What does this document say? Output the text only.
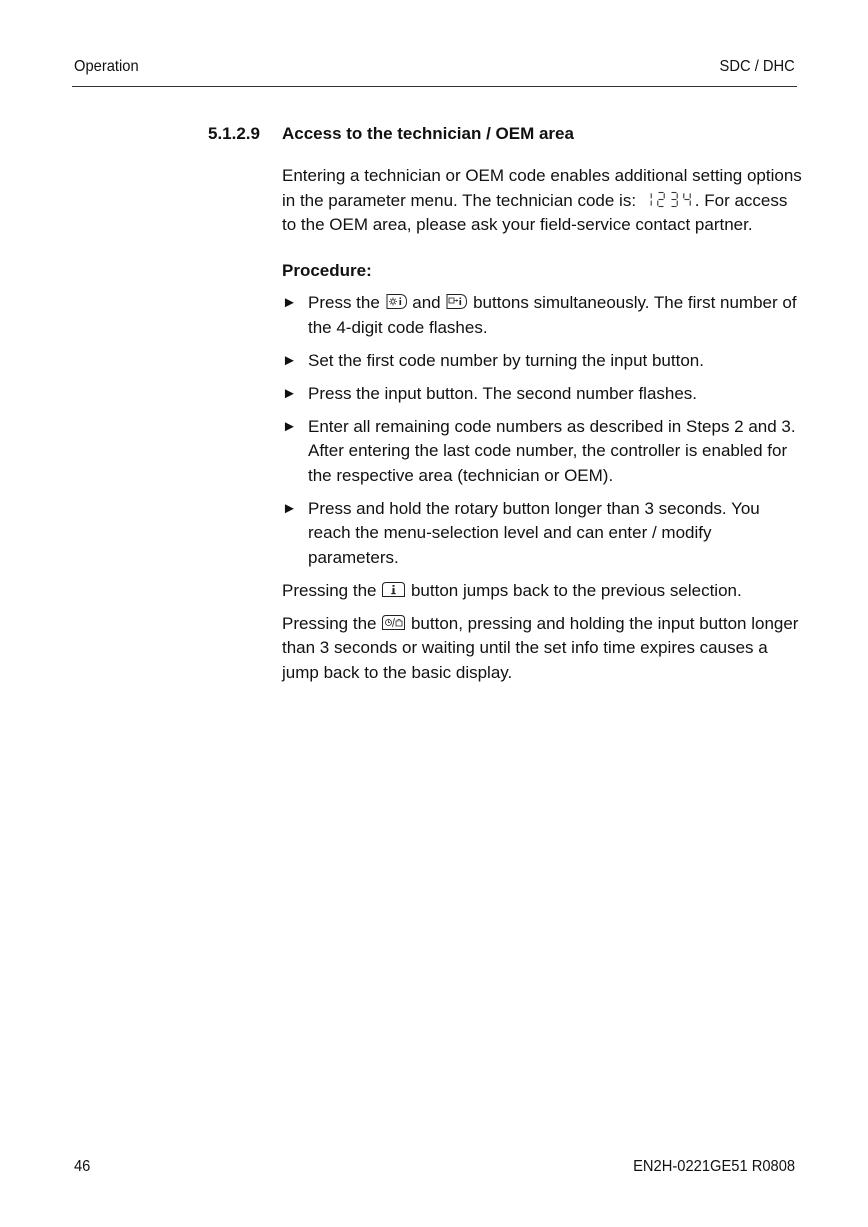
Operation	SDC / DHC
5.1.2.9 Access to the technician / OEM area

Entering a technician or OEM code enables additional setting options in the parameter menu. The technician code is:	. For access to the OEM area, please ask your field-service contact partner.

Procedure:

► Press the
and
buttons simultaneously. The first number of the 4-digit code flashes.
► Set the first code number by turning the input button.
► Press the input button. The second number flashes.
► Enter all remaining code numbers as described in Steps 2 and 3. After entering the last code number, the controller is enabled for the respective area (technician or OEM).
► Press and hold the rotary button longer than 3 seconds. You reach the menu-selection level and can enter / modify parameters.

Pressing the
button jumps back to the previous selection.

Pressing the
button, pressing and holding the input button longer than 3 seconds or waiting until the set info time expires causes a jump back to the basic display.

46	EN2H-0221GE51 R0808
